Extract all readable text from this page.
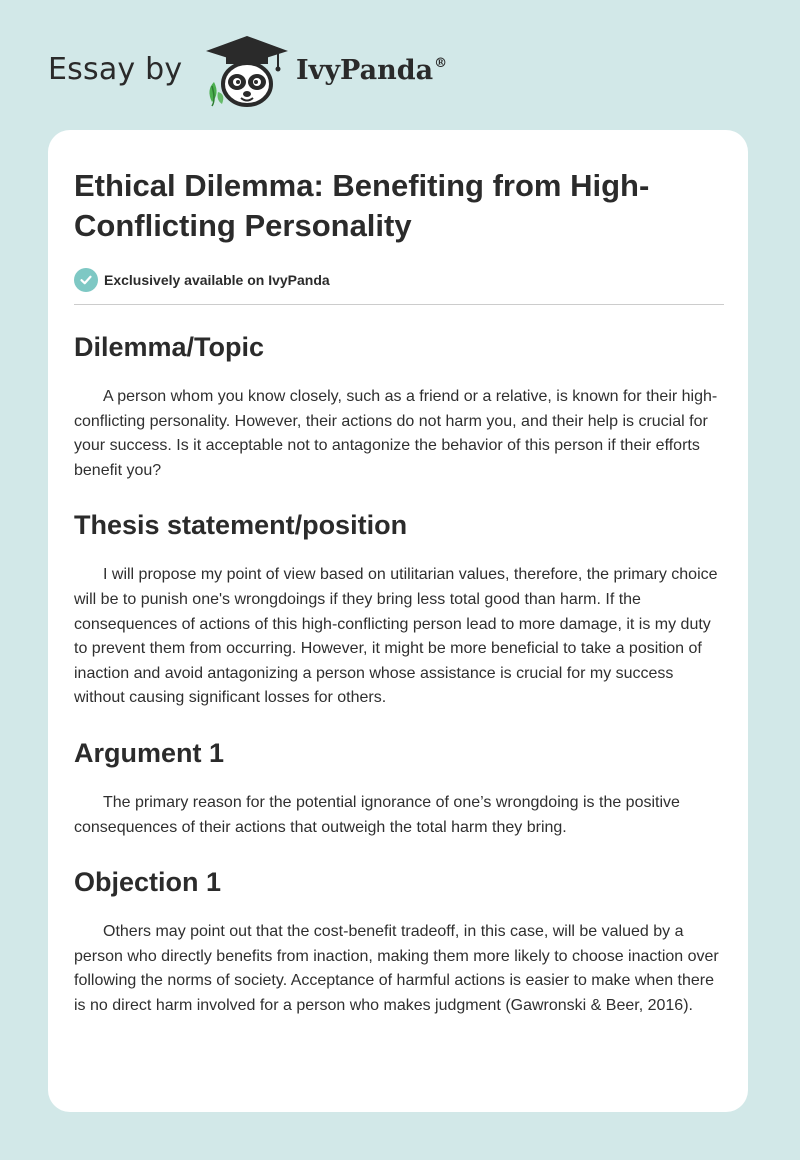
Essay by	IvyPanda®
Ethical Dilemma: Benefiting from High-Conflicting Personality
Exclusively available on IvyPanda
Dilemma/Topic

A person whom you know closely, such as a friend or a relative, is known for their high-conflicting personality. However, their actions do not harm you, and their help is crucial for your success. Is it acceptable not to antagonize the behavior of this person if their efforts benefit you?

Thesis statement/position

I will propose my point of view based on utilitarian values, therefore, the primary choice will be to punish one's wrongdoings if they bring less total good than harm. If the consequences of actions of this high-conflicting person lead to more damage, it is my duty to prevent them from occurring. However, it might be more beneficial to take a position of inaction and avoid antagonizing a person whose assistance is crucial for my success without causing significant losses for others.

Argument 1

The primary reason for the potential ignorance of one’s wrongdoing is the positive consequences of their actions that outweigh the total harm they bring.

Objection 1

Others may point out that the cost-benefit tradeoff, in this case, will be valued by a person who directly benefits from inaction, making them more likely to choose inaction over following the norms of society. Acceptance of harmful actions is easier to make when there is no direct harm involved for a person who makes judgment (Gawronski & Beer, 2016).
